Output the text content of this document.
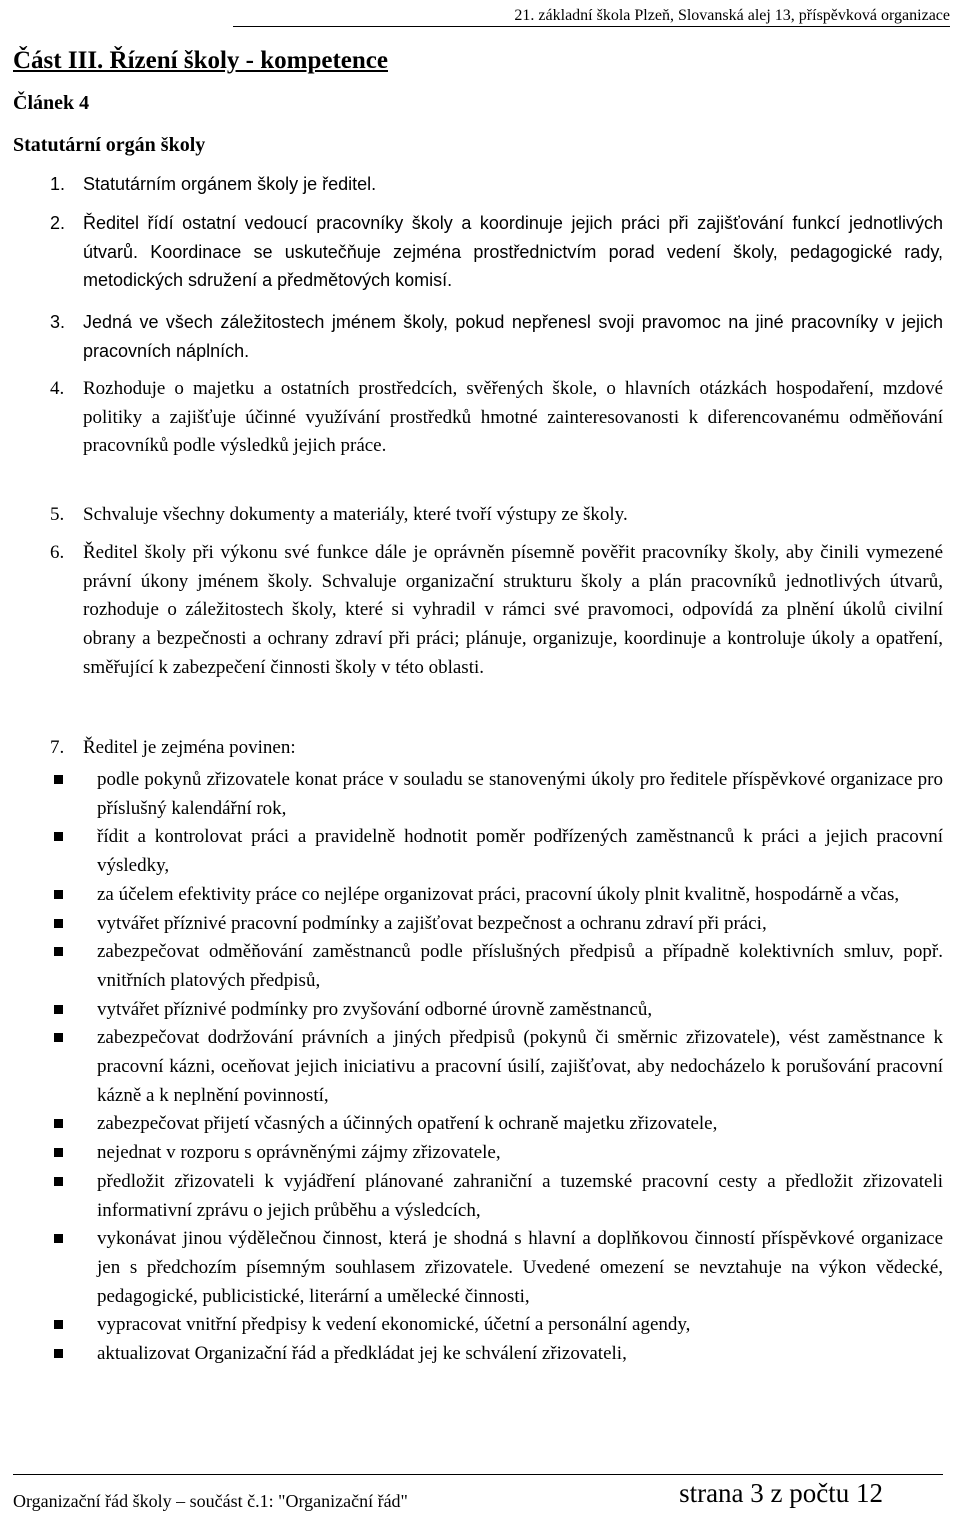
21. základní škola Plzeň, Slovanská alej 13, příspěvková organizace
Část III. Řízení školy - kompetence
Článek 4
Statutární orgán školy
1. Statutárním orgánem školy je ředitel.
2. Ředitel řídí ostatní vedoucí pracovníky školy a koordinuje jejich práci při zajišťování funkcí jednotlivých útvarů. Koordinace se uskutečňuje zejména prostřednictvím porad vedení školy, pedagogické rady, metodických sdružení a předmětových komisí.
3. Jedná ve všech záležitostech jménem školy, pokud nepřenesl svoji pravomoc na jiné pracovníky v jejich pracovních náplních.
4. Rozhoduje o majetku a ostatních prostředcích, svěřených škole, o hlavních otázkách hospodaření, mzdové politiky a zajišťuje účinné využívání prostředků hmotné zainteresovanosti k diferencovanému odměňování pracovníků podle výsledků jejich práce.
5. Schvaluje všechny dokumenty a materiály, které tvoří výstupy ze školy.
6. Ředitel školy při výkonu své funkce dále je oprávněn písemně pověřit pracovníky školy, aby činili vymezené právní úkony jménem školy. Schvaluje organizační strukturu školy a plán pracovníků jednotlivých útvarů, rozhoduje o záležitostech školy, které si vyhradil v rámci své pravomoci, odpovídá za plnění úkolů civilní obrany a bezpečnosti a ochrany zdraví při práci; plánuje, organizuje, koordinuje a kontroluje úkoly a opatření, směřující k zabezpečení činnosti školy v této oblasti.
7. Ředitel je zejména povinen:
podle pokynů zřizovatele konat práce v souladu se stanovenými úkoly pro ředitele příspěvkové organizace pro příslušný kalendářní rok,
řídit a kontrolovat práci a pravidelně hodnotit poměr podřízených zaměstnanců k práci a jejich pracovní výsledky,
za účelem efektivity práce co nejlépe organizovat práci, pracovní úkoly plnit kvalitně, hospodárně a včas,
vytvářet příznivé pracovní podmínky a zajišťovat bezpečnost a ochranu zdraví při práci,
zabezpečovat odměňování zaměstnanců podle příslušných předpisů a případně kolektivních smluv, popř. vnitřních platových předpisů,
vytvářet příznivé podmínky pro zvyšování odborné úrovně zaměstnanců,
zabezpečovat dodržování právních a jiných předpisů (pokynů či směrnic zřizovatele), vést zaměstnance k pracovní kázni, oceňovat jejich iniciativu a pracovní úsilí, zajišťovat, aby nedocházelo k porušování pracovní kázně a k neplnění povinností,
zabezpečovat přijetí včasných a účinných opatření k ochraně majetku zřizovatele,
nejednat v rozporu s oprávněnými zájmy zřizovatele,
předložit zřizovateli k vyjádření plánované zahraniční a tuzemské pracovní cesty a předložit zřizovateli informativní zprávu o jejich průběhu a výsledcích,
vykonávat jinou výdělečnou činnost, která je shodná s hlavní a doplňkovou činností příspěvkové organizace jen s předchozím písemným souhlasem zřizovatele. Uvedené omezení se nevztahuje na výkon vědecké, pedagogické, publicistické, literární a umělecké činnosti,
vypracovat vnitřní předpisy k vedení ekonomické, účetní a personální agendy,
aktualizovat Organizační řád a předkládat jej ke schválení zřizovateli,
Organizační řád školy – součást č.1: "Organizační řád"	strana 3 z počtu 12
